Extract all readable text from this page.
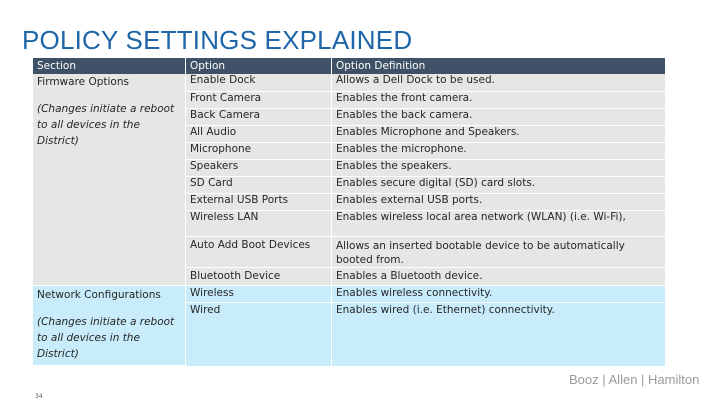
POLICY SETTINGS EXPLAINED
Section	Option	Option Definition

Firmware Options
(Changes initiate a reboot to all devices in the District)	Enable Dock	Allows a Dell Dock to be used.
	Front Camera	Enables the front camera.
	Back Camera	Enables the back camera.
	All Audio	Enables Microphone and Speakers.
	Microphone	Enables the microphone.
	Speakers	Enables the speakers.
	SD Card	Enables secure digital (SD) card slots.
	External USB Ports	Enables external USB ports.
	Wireless LAN	Enables wireless local area network (WLAN) (i.e. Wi-Fi),
	Auto Add Boot Devices	Allows an inserted bootable device to be automatically booted from.
	Bluetooth Device	Enables a Bluetooth device.

Network Configurations
(Changes initiate a reboot to all devices in the District)	Wireless	Enables wireless connectivity.
	Wired	Enables wired (i.e. Ethernet) connectivity.
Booz | Allen | Hamilton
34
